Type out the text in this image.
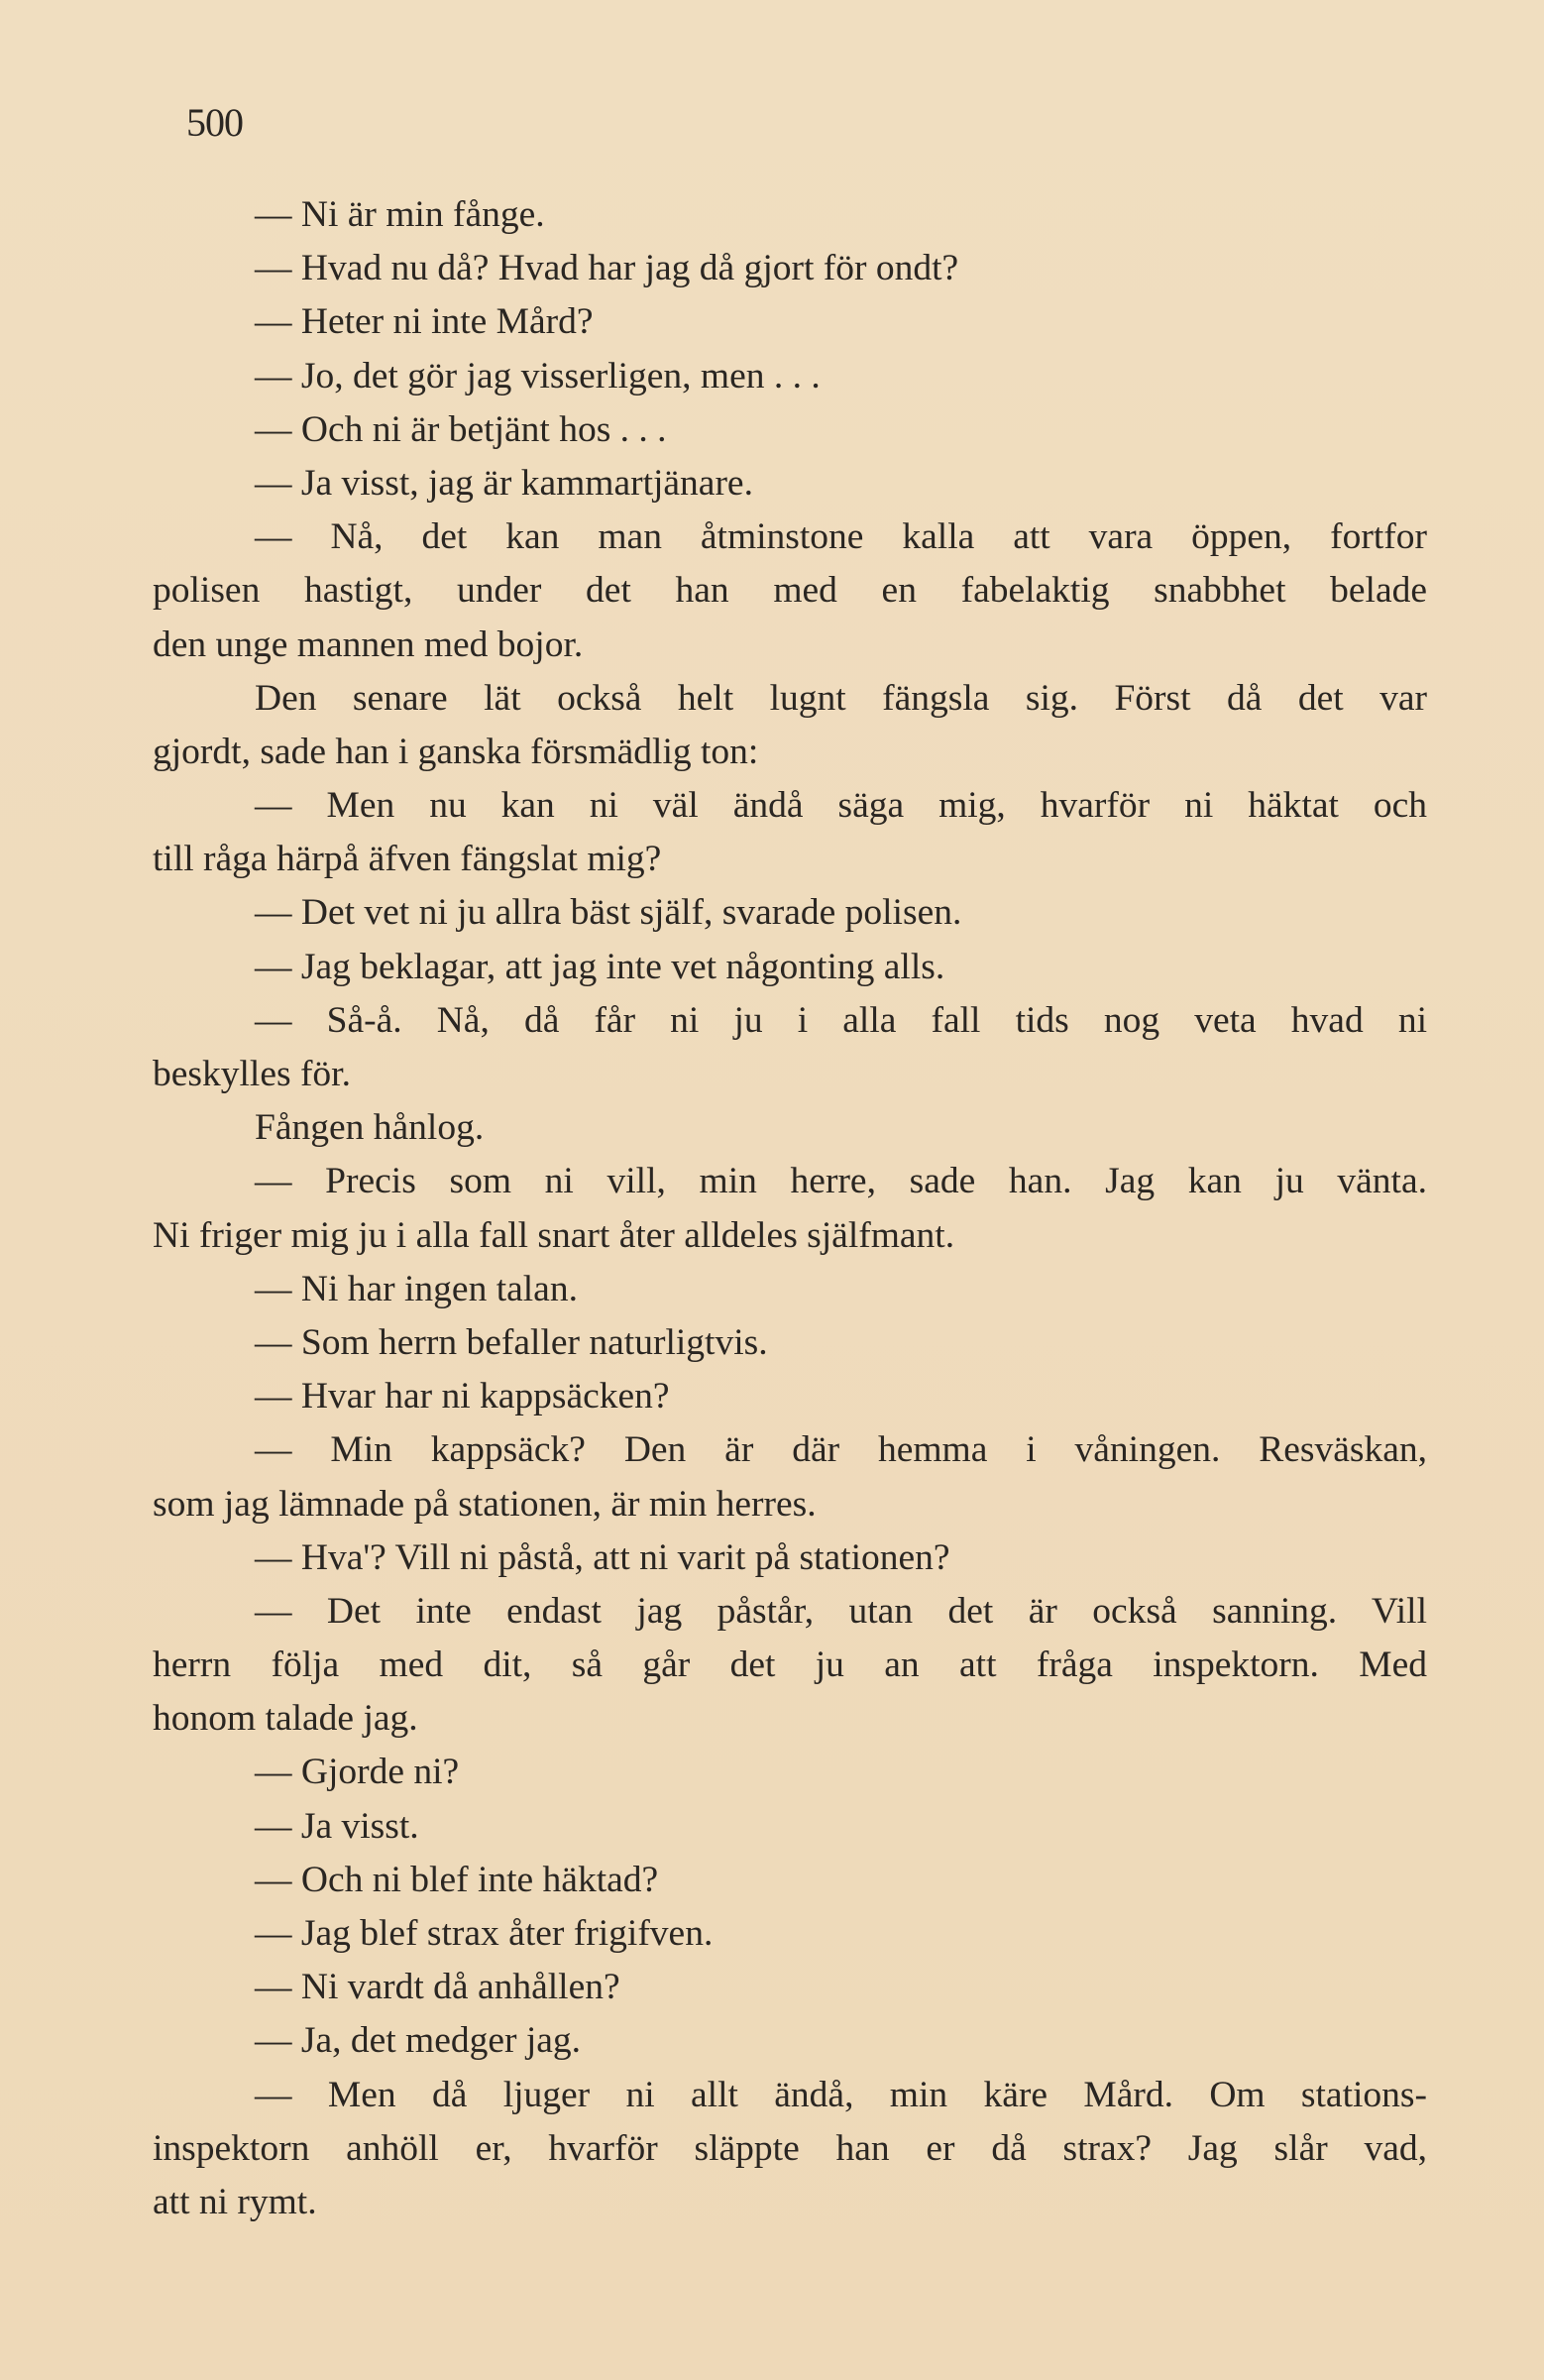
500
— Ni är min fånge.
— Hvad nu då? Hvad har jag då gjort för ondt?
— Heter ni inte Mård?
— Jo, det gör jag visserligen, men . . .
— Och ni är betjänt hos . . .
— Ja visst, jag är kammartjänare.
— Nå, det kan man åtminstone kalla att vara öppen, fortfor
polisen hastigt, under det han med en fabelaktig snabbhet belade
den unge mannen med bojor.
Den senare lät också helt lugnt fängsla sig. Först då det var
gjordt, sade han i ganska försmädlig ton:
— Men nu kan ni väl ändå säga mig, hvarför ni häktat och
till råga härpå äfven fängslat mig?
— Det vet ni ju allra bäst själf, svarade polisen.
— Jag beklagar, att jag inte vet någonting alls.
— Så-å. Nå, då får ni ju i alla fall tids nog veta hvad ni
beskylles för.
Fången hånlog.
— Precis som ni vill, min herre, sade han. Jag kan ju vänta.
Ni friger mig ju i alla fall snart åter alldeles själfmant.
— Ni har ingen talan.
— Som herrn befaller naturligtvis.
— Hvar har ni kappsäcken?
— Min kappsäck? Den är där hemma i våningen. Resväskan,
som jag lämnade på stationen, är min herres.
— Hva'? Vill ni påstå, att ni varit på stationen?
— Det inte endast jag påstår, utan det är också sanning. Vill
herrn följa med dit, så går det ju an att fråga inspektorn. Med
honom talade jag.
— Gjorde ni?
— Ja visst.
— Och ni blef inte häktad?
— Jag blef strax åter frigifven.
— Ni vardt då anhållen?
— Ja, det medger jag.
— Men då ljuger ni allt ändå, min käre Mård. Om stations-
inspektorn anhöll er, hvarför släppte han er då strax? Jag slår vad,
att ni rymt.
